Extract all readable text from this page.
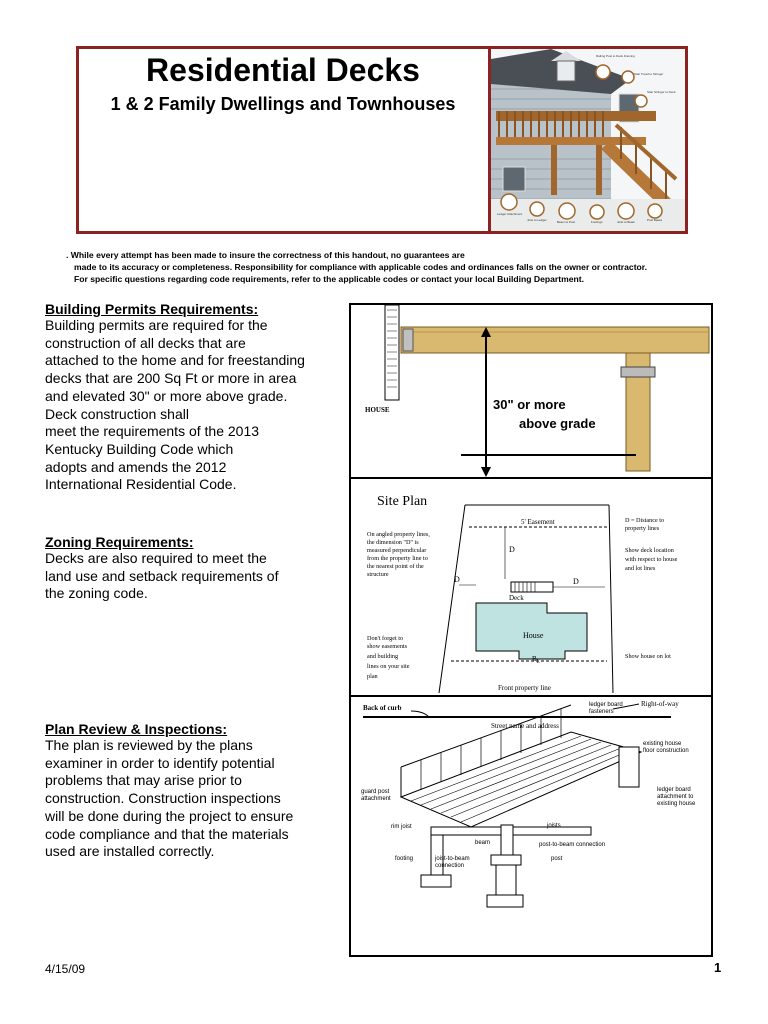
Residential Decks
1 & 2 Family Dwellings and Townhouses
Railing Post to Deck Framing
Stair Tread to Stringer
Stair Stringer to Deck
Ledger Attachment
Joist to Ledger	Beam to Post	Footings	Joist to Beam	Post Bases
. While every attempt has been made to insure the correctness of this handout, no guarantees are
made to its accuracy or completeness. Responsibility for compliance with applicable codes and ordinances falls on the owner or contractor.
For specific questions regarding code requirements, refer to the applicable codes or contact your local Building Department.
Building Permits Requirements:
Building permits are required for the
construction of all decks that are
attached to the home and for freestanding
decks that are 200 Sq Ft or more in area
and elevated 30" or more above grade.
Deck construction shall
meet the requirements of the 2013
Kentucky Building Code which
adopts and amends the 2012
International Residential Code.
Zoning Requirements:
Decks are also required to meet the
land use and setback requirements of
the zoning code.
Plan Review & Inspections:
The plan is reviewed by the plans
examiner in order to identify potential
problems that may arise prior to
construction. Construction inspections
will be done during the project to ensure
code compliance and that the materials
used are installed correctly.
HOUSE	30" or more
above grade
Site Plan
5' Easement
D
D	D
Deck
House
$B_L$
Front property line
On angled property lines, the dimension "D" is measured perpendicular from the property line to the nearest point of the structure
Don't forget to show easements and building lines on your site plan
D = Distance to property lines
Show deck location with respect to house and lot lines
Show house on lot
Back of curb	Right-of-way
Street name and address
ledger board fasteners
existing house floor construction
guard post attachment
ledger board attachment to existing house
rim joist	joists
beam	post-to-beam connection
footing	joist-to-beam connection
post
4/15/09	1
